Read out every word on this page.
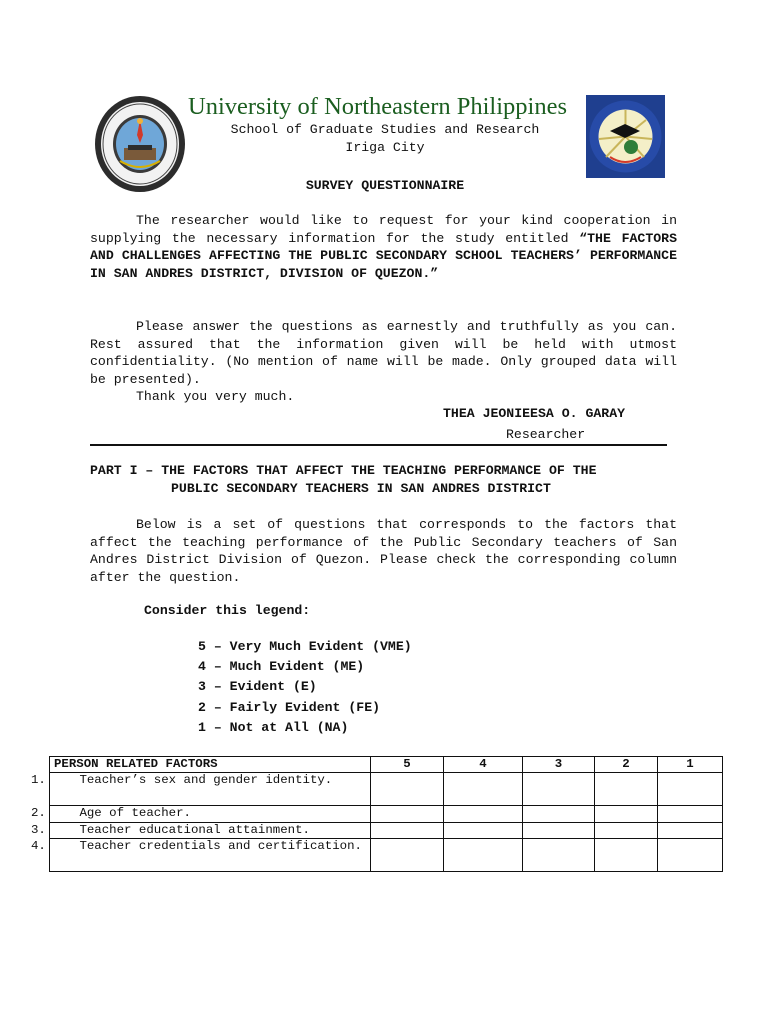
University of Northeastern Philippines
School of Graduate Studies and Research
Iriga City
SURVEY QUESTIONNAIRE
The researcher would like to request for your kind cooperation in supplying the necessary information for the study entitled “THE FACTORS AND CHALLENGES AFFECTING THE PUBLIC SECONDARY SCHOOL TEACHERS’ PERFORMANCE IN SAN ANDRES DISTRICT, DIVISION OF QUEZON.”
Please answer the questions as earnestly and truthfully as you can. Rest assured that the information given will be held with utmost confidentiality. (No mention of name will be made. Only grouped data will be presented).
Thank you very much.
THEA JEONIEESA O. GARAY
Researcher
PART I – THE FACTORS THAT AFFECT THE TEACHING PERFORMANCE OF THE
PUBLIC SECONDARY TEACHERS IN SAN ANDRES DISTRICT
Below is a set of questions that corresponds to the factors that affect the teaching performance of the Public Secondary teachers of San Andres District Division of Quezon. Please check the corresponding column after the question.
Consider this legend:
5 – Very Much Evident (VME)
4 – Much Evident (ME)
3 – Evident (E)
2 – Fairly Evident (FE)
1 – Not at All (NA)
PERSON RELATED FACTORS	5	4	3	2	1

1. Teacher’s sex and gender identity.					

2. Age of teacher.					

3. Teacher educational attainment.					

4. Teacher credentials and certification.					
